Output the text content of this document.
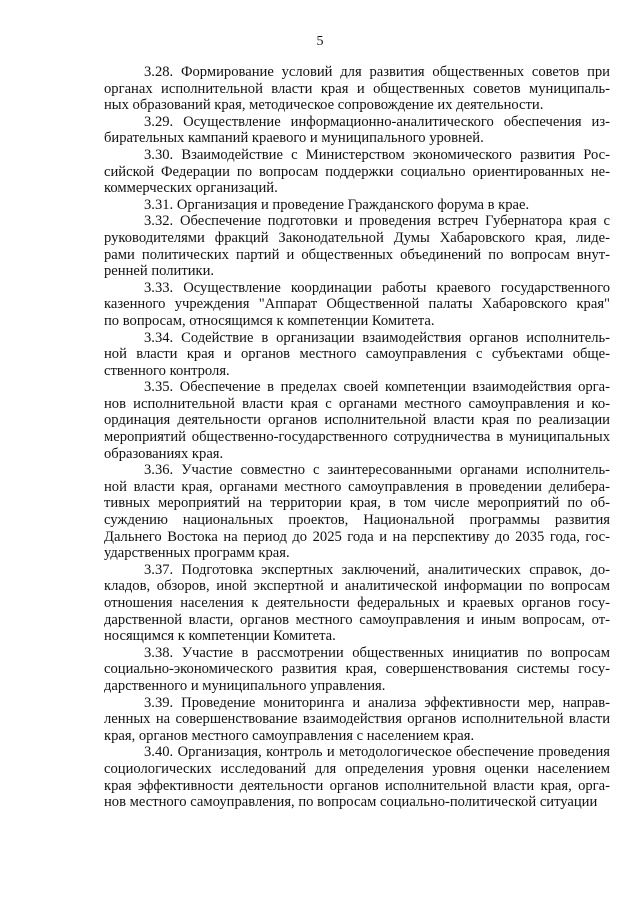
5
3.28. Формирование условий для развития общественных советов при
органах исполнительной власти края и общественных советов муниципаль-
ных образований края, методическое сопровождение их деятельности.
3.29. Осуществление информационно-аналитического обеспечения из-
бирательных кампаний краевого и муниципального уровней.
3.30. Взаимодействие с Министерством экономического развития Рос-
сийской Федерации по вопросам поддержки социально ориентированных не-
коммерческих организаций.
3.31. Организация и проведение Гражданского форума в крае.
3.32. Обеспечение подготовки и проведения встреч Губернатора края с
руководителями фракций Законодательной Думы Хабаровского края, лиде-
рами политических партий и общественных объединений по вопросам внут-
ренней политики.
3.33. Осуществление координации работы краевого государственного
казенного учреждения "Аппарат Общественной палаты Хабаровского края"
по вопросам, относящимся к компетенции Комитета.
3.34. Содействие в организации взаимодействия органов исполнитель-
ной власти края и органов местного самоуправления с субъектами обще-
ственного контроля.
3.35. Обеспечение в пределах своей компетенции взаимодействия орга-
нов исполнительной власти края с органами местного самоуправления и ко-
ординация деятельности органов исполнительной власти края по реализации
мероприятий общественно-государственного сотрудничества в муниципальных
образованиях края.
3.36. Участие совместно с заинтересованными органами исполнитель-
ной власти края, органами местного самоуправления в проведении делибера-
тивных мероприятий на территории края, в том числе мероприятий по об-
суждению национальных проектов, Национальной программы развития
Дальнего Востока на период до 2025 года и на перспективу до 2035 года, гос-
ударственных программ края.
3.37. Подготовка экспертных заключений, аналитических справок, до-
кладов, обзоров, иной экспертной и аналитической информации по вопросам
отношения населения к деятельности федеральных и краевых органов госу-
дарственной власти, органов местного самоуправления и иным вопросам, от-
носящимся к компетенции Комитета.
3.38. Участие в рассмотрении общественных инициатив по вопросам
социально-экономического развития края, совершенствования системы госу-
дарственного и муниципального управления.
3.39. Проведение мониторинга и анализа эффективности мер, направ-
ленных на совершенствование взаимодействия органов исполнительной власти
края, органов местного самоуправления с населением края.
3.40. Организация, контроль и методологическое обеспечение проведения
социологических исследований для определения уровня оценки населением
края эффективности деятельности органов исполнительной власти края, орга-
нов местного самоуправления, по вопросам социально-политической ситуации
